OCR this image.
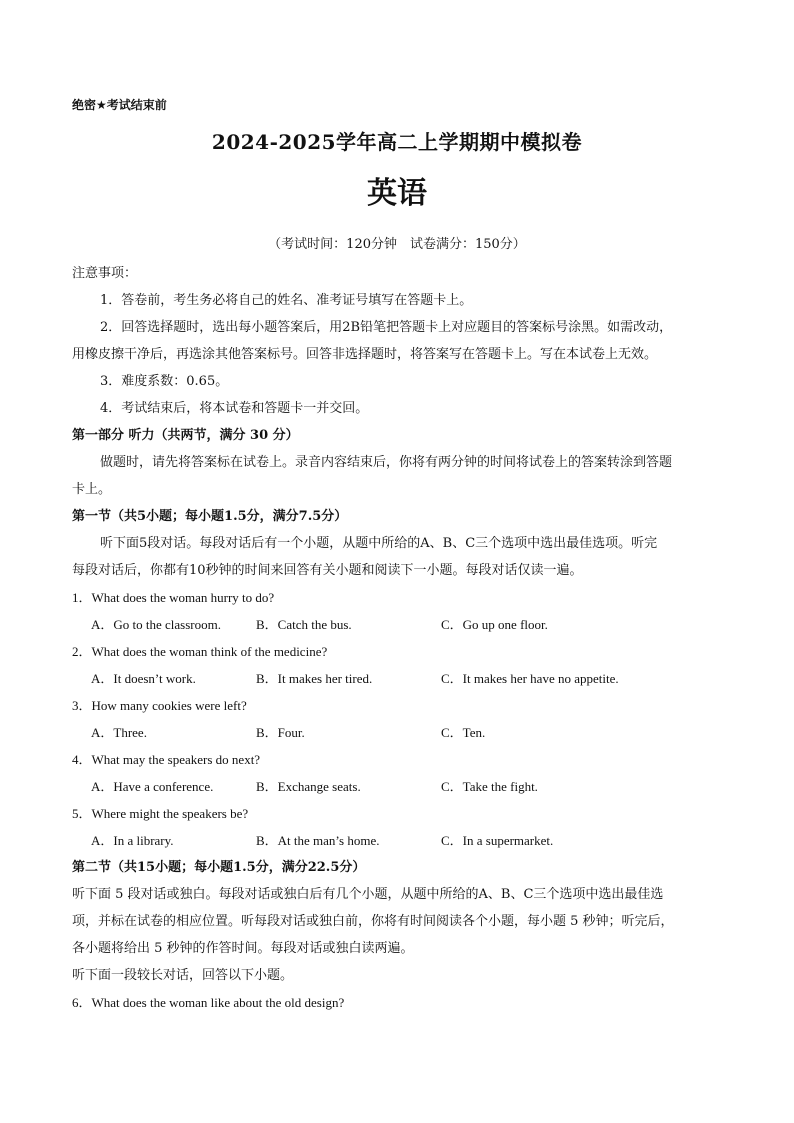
绝密★考试结束前
2024-2025学年高二上学期期中模拟卷
英语
（考试时间：120分钟　试卷满分：150分）

注意事项：

1．答卷前，考生务必将自己的姓名、准考证号填写在答题卡上。

2．回答选择题时，选出每小题答案后，用2B铅笔把答题卡上对应题目的答案标号涂黑。如需改动，

用橡皮擦干净后，再选涂其他答案标号。回答非选择题时，将答案写在答题卡上。写在本试卷上无效。

3．难度系数：0.65。

4．考试结束后，将本试卷和答题卡一并交回。

第一部分 听力（共两节，满分 30 分）

做题时，请先将答案标在试卷上。录音内容结束后，你将有两分钟的时间将试卷上的答案转涂到答题

卡上。

第一节（共5小题；每小题1.5分，满分7.5分）

听下面5段对话。每段对话后有一个小题，从题中所给的A、B、C三个选项中选出最佳选项。听完

每段对话后，你都有10秒钟的时间来回答有关小题和阅读下一小题。每段对话仅读一遍。

1．What does the woman hurry to do?

A．Go to the classroom.	B．Catch the bus.	C．Go up one floor.

2．What does the woman think of the medicine?

A．It doesn’t work.	B．It makes her tired.	C．It makes her have no appetite.

3．How many cookies were left?

A．Three.	B．Four.	C．Ten.

4．What may the speakers do next?

A．Have a conference.	B．Exchange seats.	C．Take the fight.

5．Where might the speakers be?

A．In a library.	B．At the man’s home.	C．In a supermarket.

第二节（共15小题；每小题1.5分，满分22.5分）

听下面 5 段对话或独白。每段对话或独白后有几个小题，从题中所给的A、B、C三个选项中选出最佳选

项，并标在试卷的相应位置。听每段对话或独白前，你将有时间阅读各个小题，每小题 5 秒钟；听完后，

各小题将给出 5 秒钟的作答时间。每段对话或独白读两遍。

听下面一段较长对话，回答以下小题。

6．What does the woman like about the old design?
